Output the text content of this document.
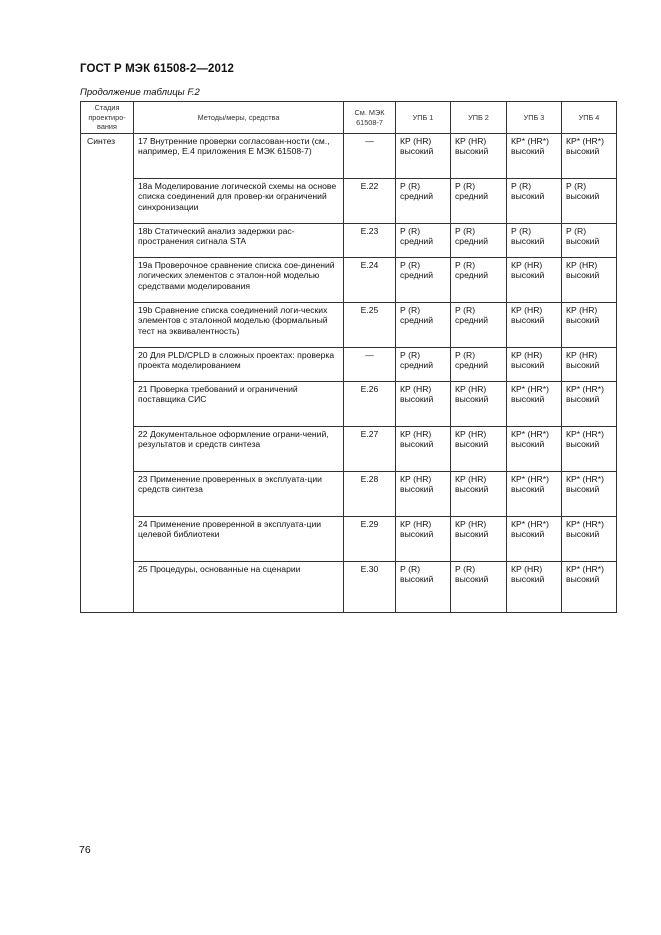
ГОСТ Р МЭК 61508-2—2012
Продолжение таблицы F.2
Стадия проектиро-вания	Методы/меры, средства	См. МЭК 61508-7	УПБ 1	УПБ 2	УПБ 3	УПБ 4
Синтез	17 Внутренние проверки согласован-ности (см., например, Е.4 приложения Е МЭК 61508-7)	—	КР (HR) высокий	КР (HR) высокий	КР* (HR*) высокий	КР* (HR*) высокий
	18а Моделирование логической схемы на основе списка соединений для провер-ки ограничений синхронизации	Е.22	Р (R) средний	Р (R) средний	Р (R) высокий	Р (R) высокий
	18b Статический анализ задержки рас-пространения сигнала STA	Е.23	Р (R) средний	Р (R) средний	Р (R) высокий	Р (R) высокий
	19а Проверочное сравнение списка сое-динений логических элементов с эталон-ной моделью средствами моделирования	Е.24	Р (R) средний	Р (R) средний	КР (HR) высокий	КР (HR) высокий
	19b Сравнение списка соединений логи-ческих элементов с эталонной моделью (формальный тест на эквивалентность)	Е.25	Р (R) средний	Р (R) средний	КР (HR) высокий	КР (HR) высокий
	20 Для PLD/CPLD в сложных проектах: проверка проекта моделированием	—	Р (R) средний	Р (R) средний	КР (HR) высокий	КР (HR) высокий
	21 Проверка требований и ограничений поставщика СИС	Е.26	КР (HR) высокий	КР (HR) высокий	КР* (HR*) высокий	КР* (HR*) высокий
	22 Документальное оформление ограни-чений, результатов и средств синтеза	Е.27	КР (HR) высокий	КР (HR) высокий	КР* (HR*) высокий	КР* (HR*) высокий
	23 Применение проверенных в эксплуата-ции средств синтеза	Е.28	КР (HR) высокий	КР (HR) высокий	КР* (HR*) высокий	КР* (HR*) высокий
	24 Применение проверенной в эксплуата-ции целевой библиотеки	Е.29	КР (HR) высокий	КР (HR) высокий	КР* (HR*) высокий	КР* (HR*) высокий
	25 Процедуры, основанные на сценарии	Е.30	Р (R) высокий	Р (R) высокий	КР (HR) высокий	КР* (HR*) высокий
76
